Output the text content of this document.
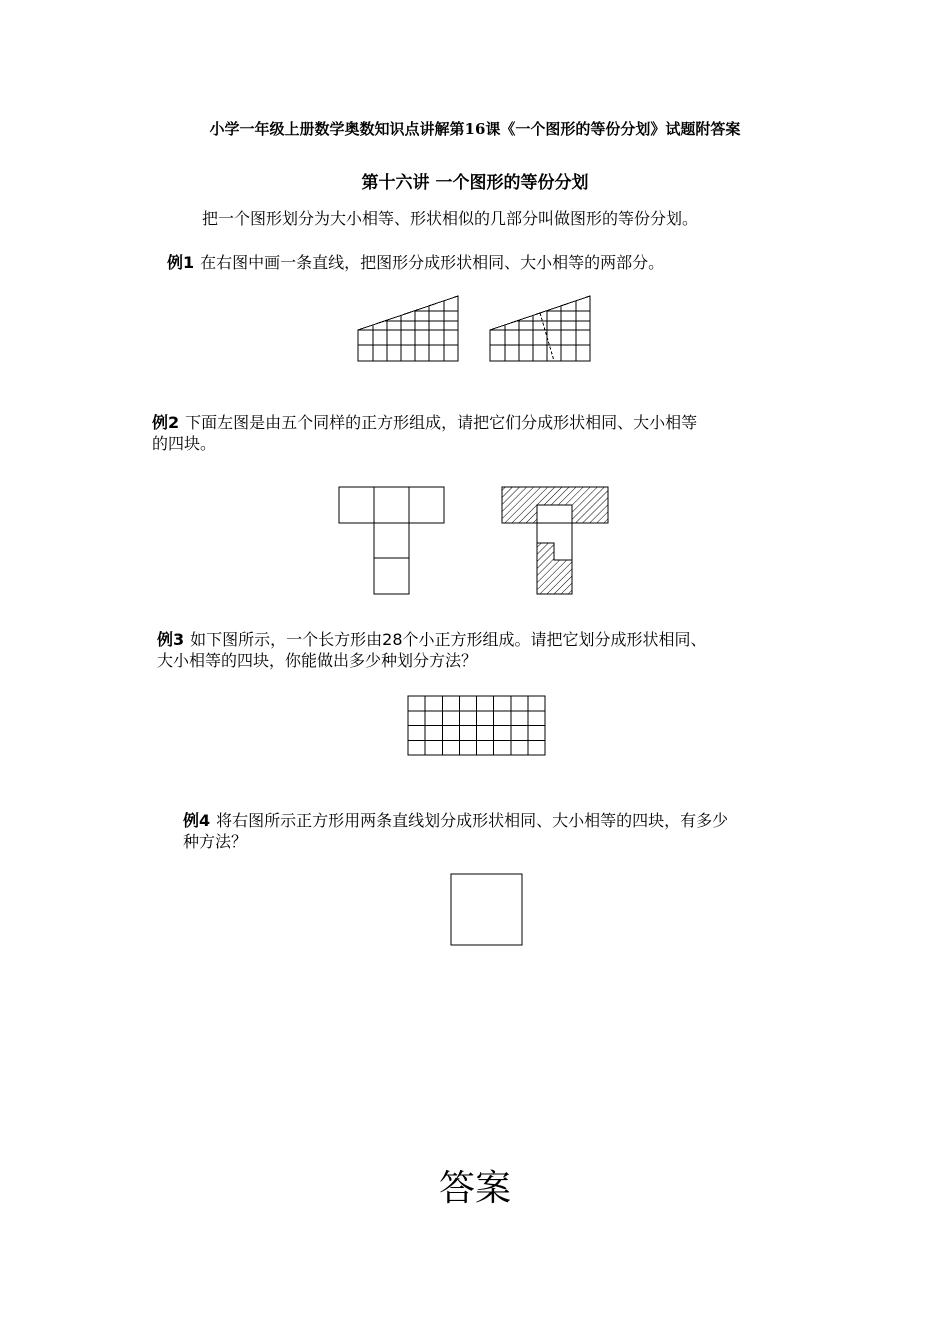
小学一年级上册数学奥数知识点讲解第16课《一个图形的等份分划》试题附答案
第十六讲 一个图形的等份分划
把一个图形划分为大小相等、形状相似的几部分叫做图形的等份分划。
例1 在右图中画一条直线，把图形分成形状相同、大小相等的两部分。
例2 下面左图是由五个同样的正方形组成，请把它们分成形状相同、大小相等
的四块。
例3 如下图所示，一个长方形由28个小正方形组成。请把它划分成形状相同、
大小相等的四块，你能做出多少种划分方法？
例4 将右图所示正方形用两条直线划分成形状相同、大小相等的四块，有多少
种方法？
答案
